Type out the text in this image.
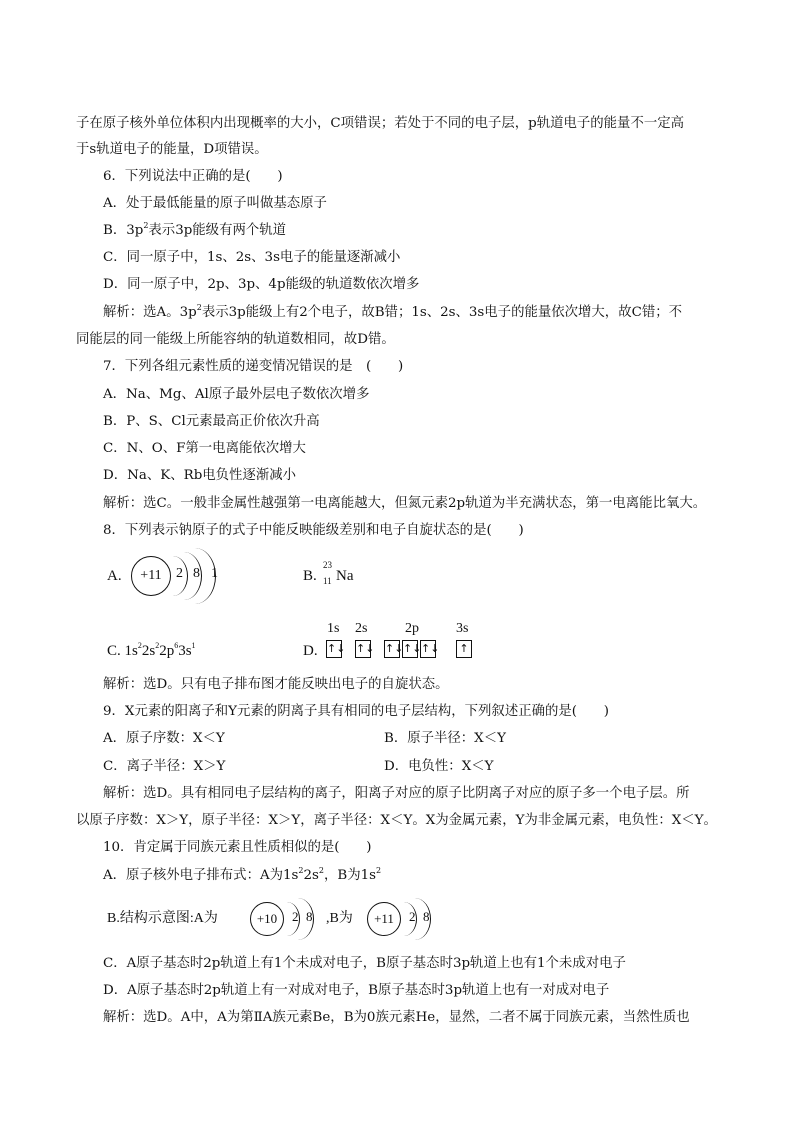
子在原子核外单位体积内出现概率的大小，C项错误；若处于不同的电子层，p轨道电子的能量不一定高
于s轨道电子的能量，D项错误。
6．下列说法中正确的是(　　)
A．处于最低能量的原子叫做基态原子
B．$3p^2$表示3p能级有两个轨道
C．同一原子中，1s、2s、3s电子的能量逐渐减小
D．同一原子中，2p、3p、4p能级的轨道数依次增多
解析：选A。$3p^2$表示3p能级上有2个电子，故B错；1s、2s、3s电子的能量依次增大，故C错；不
同能层的同一能级上所能容纳的轨道数相同，故D错。
7．下列各组元素性质的递变情况错误的是　(　　)
A．Na、Mg、Al原子最外层电子数依次增多
B．P、S、Cl元素最高正价依次升高
C．N、O、F第一电离能依次增大
D．Na、K、Rb电负性逐渐减小
解析：选C。一般非金属性越强第一电离能越大，但氮元素2p轨道为半充满状态，第一电离能比氧大。
8．下列表示钠原子的式子中能反映能级差别和电子自旋状态的是(　　)
A.	+11	2 8 1	B.
23
11 Na
C. $1s^22s^22p^63s^1$
1s 2s	2p	3s
D. ↑↓ ↑↓ ↑↓ ↑↓ ↑↓	↑
解析：选D。只有电子排布图才能反映出电子的自旋状态。
9．X元素的阳离子和Y元素的阴离子具有相同的电子层结构，下列叙述正确的是(　　)
A．原子序数：X＜Y	B．原子半径：X＜Y
C．离子半径：X＞Y	D．电负性：X＜Y
解析：选D。具有相同电子层结构的离子，阳离子对应的原子比阴离子对应的原子多一个电子层。所
以原子序数：X＞Y，原子半径：X＞Y，离子半径：X＜Y。X为金属元素，Y为非金属元素，电负性：X＜Y。
10．肯定属于同族元素且性质相似的是(　　)
A．原子核外电子排布式：A为$1s^22s^2$，B为$1s^2$
B.结构示意图:A为	+10	2 8 ,B为	+11	2 8
C．A原子基态时2p轨道上有1个未成对电子，B原子基态时3p轨道上也有1个未成对电子
D．A原子基态时2p轨道上有一对成对电子，B原子基态时3p轨道上也有一对成对电子
解析：选D。A中，A为第ⅡA族元素Be，B为0族元素He，显然，二者不属于同族元素，当然性质也
